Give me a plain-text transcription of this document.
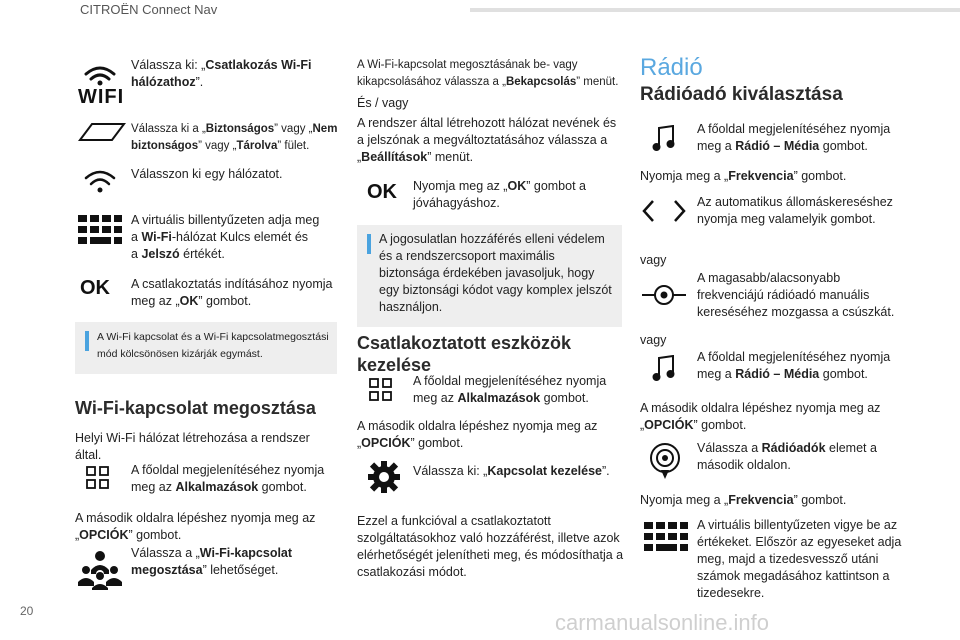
CITROËN Connect Nav
WIFI
Válassza ki: „Csatlakozás Wi-Fi hálózathoz”.
Válassza ki a „Biztonságos” vagy „Nem biztonságos” vagy „Tárolva” fület.
Válasszon ki egy hálózatot.
A virtuális billentyűzeten adja meg
a Wi-Fi-hálózat Kulcs elemét és
a Jelszó értékét.
OK A csatlakoztatás indításához nyomja meg az „OK” gombot.
A Wi-Fi kapcsolat és a Wi-Fi kapcsolatmegosztási mód kölcsönösen kizárják egymást.
Wi-Fi-kapcsolat megosztása
Helyi Wi-Fi hálózat létrehozása a rendszer által.
A főoldal megjelenítéséhez nyomja meg az Alkalmazások gombot.
A második oldalra lépéshez nyomja meg az „OPCIÓK” gombot.
Válassza a „Wi-Fi-kapcsolat megosztása” lehetőséget.
A Wi-Fi-kapcsolat megosztásának be- vagy kikapcsolásához válassza a „Bekapcsolás” menüt.
És / vagy
A rendszer által létrehozott hálózat nevének és a jelszónak a megváltoztatásához válassza a „Beállítások” menüt.
OK Nyomja meg az „OK” gombot a jóváhagyáshoz.
A jogosulatlan hozzáférés elleni védelem és a rendszercsoport maximális biztonsága érdekében javasoljuk, hogy egy biztonsági kódot vagy komplex jelszót használjon.
Csatlakoztatott eszközök kezelése
A főoldal megjelenítéséhez nyomja meg az Alkalmazások gombot.
A második oldalra lépéshez nyomja meg az „OPCIÓK” gombot.
Válassza ki: „Kapcsolat kezelése”.
Ezzel a funkcióval a csatlakoztatott szolgáltatásokhoz való hozzáférést, illetve azok elérhetőségét jelenítheti meg, és módosíthatja a csatlakozási módot.
Rádió
Rádióadó kiválasztása
A főoldal megjelenítéséhez nyomja meg a Rádió – Média gombot.
Nyomja meg a „Frekvencia” gombot.
Az automatikus állomáskereséshez nyomja meg valamelyik gombot.
vagy
A magasabb/alacsonyabb frekvenciájú rádióadó manuális kereséséhez mozgassa a csúszkát.
vagy
A főoldal megjelenítéséhez nyomja meg a Rádió – Média gombot.
A második oldalra lépéshez nyomja meg az „OPCIÓK” gombot.
Válassza a Rádióadók elemet a második oldalon.
Nyomja meg a „Frekvencia” gombot.
A virtuális billentyűzeten vigye be az értékeket. Először az egyeseket adja meg, majd a tizedesvessző utáni számok megadásához kattintson a tizedesekre.
20	carmanualsonline.info
